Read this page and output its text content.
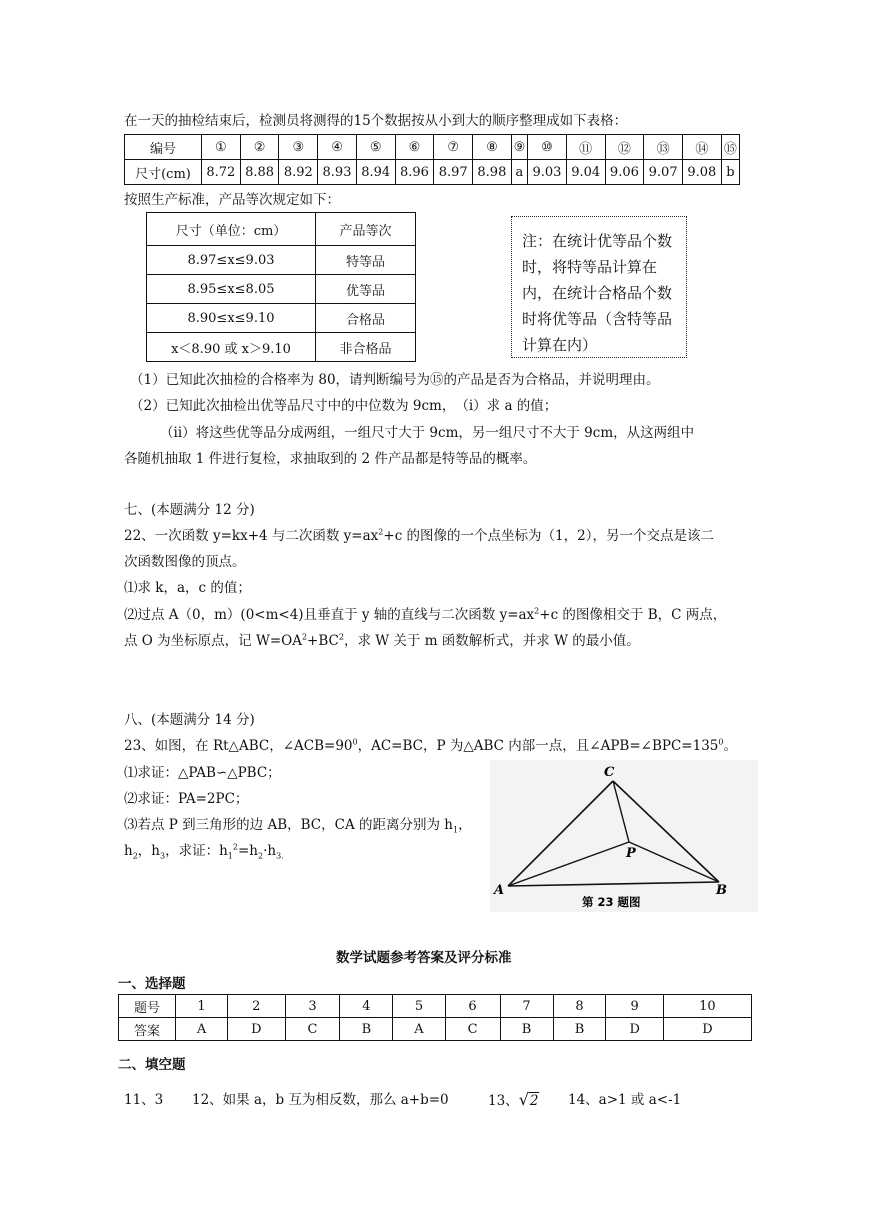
在一天的抽检结束后，检测员将测得的15个数据按从小到大的顺序整理成如下表格：
编号	①	②	③	④	⑤	⑥	⑦	⑧	⑨	⑩	⑪	⑫	⑬	⑭	⑮
尺寸(cm)	8.72	8.88	8.92	8.93	8.94	8.96	8.97	8.98	a	9.03	9.04	9.06	9.07	9.08	b
按照生产标准，产品等次规定如下：
尺寸（单位：cm）	产品等次
8.97≤x≤9.03	特等品
8.95≤x≤8.05	优等品
8.90≤x≤9.10	合格品
x＜8.90 或 x＞9.10	非合格品
注：在统计优等品个数时，将特等品计算在内，在统计合格品个数时将优等品（含特等品计算在内）
（1）已知此次抽检的合格率为 80，请判断编号为⑮的产品是否为合格品，并说明理由。
（2）已知此次抽检出优等品尺寸中的中位数为 9cm，　（ⅰ）求 a 的值；
（ⅱ）将这些优等品分成两组，一组尺寸大于 9cm，另一组尺寸不大于 9cm，从这两组中
各随机抽取 1 件进行复检，求抽取到的 2 件产品都是特等品的概率。
七、(本题满分 12 分)
22、一次函数 y=kx+4 与二次函数 $y=ax^2+c$ 的图像的一个点坐标为（1，2），另一个交点是该二
次函数图像的顶点。
⑴求 k，a，c 的值；
⑵过点 A（0，m）(0<m<4)且垂直于 y 轴的直线与二次函数 $y=ax^2+c$ 的图像相交于 B，C 两点，
点 O 为坐标原点，记 $W=OA^2+BC^2$，求 W 关于 m 函数解析式，并求 W 的最小值。
八、(本题满分 14 分)
23、如图，在 Rt△ABC，$\angle ACB=90^0$，AC=BC，P 为△ABC 内部一点，且$\angle APB=\angle BPC=135^0$。
⑴求证：△PAB∽△PBC；
⑵求证：PA=2PC；
⑶若点 P 到三角形的边 AB，BC，CA 的距离分别为 $h_1$，
$h_2$，$h_3$，求证：$h_1^2=h_2\cdot h_{3.}$
C
P
A	B
第 23 题图
数学试题参考答案及评分标准
一、选择题
题号	1	2	3	4	5	6	7	8	9	10
答案	A	D	C	B	A	C	B	B	D	D
二、填空题
11、3 12、如果 a，b 互为相反数，那么 a+b=0	13、√2 14、a>1 或 a<-1
